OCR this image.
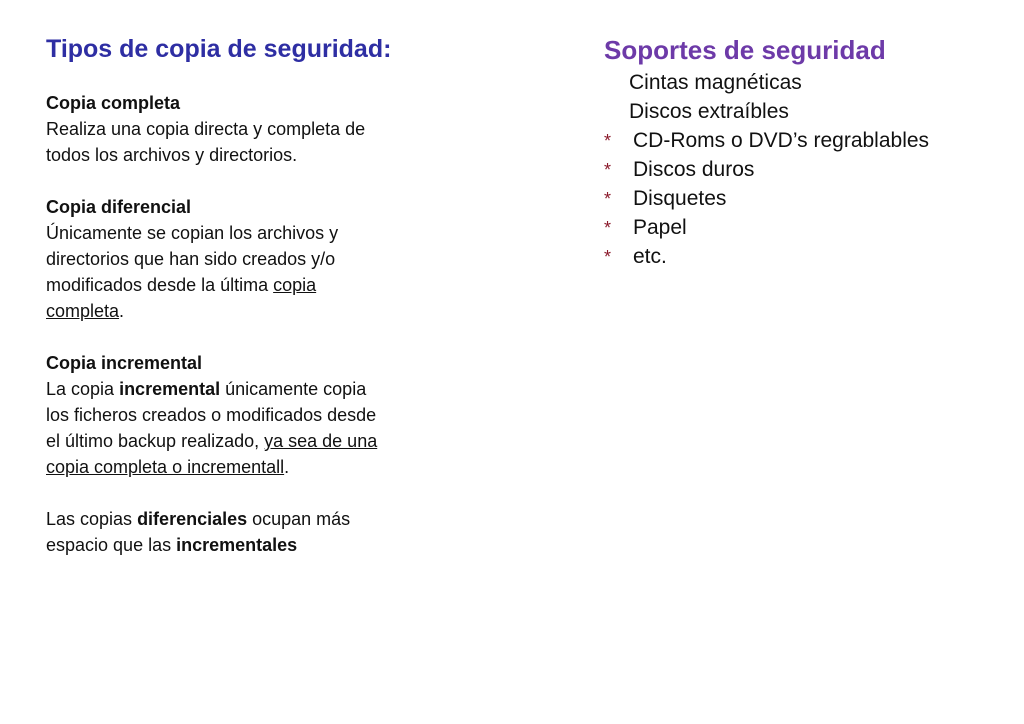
Tipos de copia de seguridad:

Copia completa

Realiza una copia directa y completa de

todos los archivos y directorios.

Copia diferencial

Únicamente se copian los archivos y

directorios que han sido creados y/o

modificados desde la última copia

completa.

Copia incremental

La copia incremental únicamente copia

los ficheros creados o modificados desde

el último backup realizado, ya sea de una

copia completa o incrementall.

Las copias diferenciales ocupan más

espacio que las incrementales

Soportes de seguridad
Cintas magnéticas
Discos extraíbles
* CD-Roms o DVD’s regrablables
* Discos duros
* Disquetes
* Papel
* etc.
